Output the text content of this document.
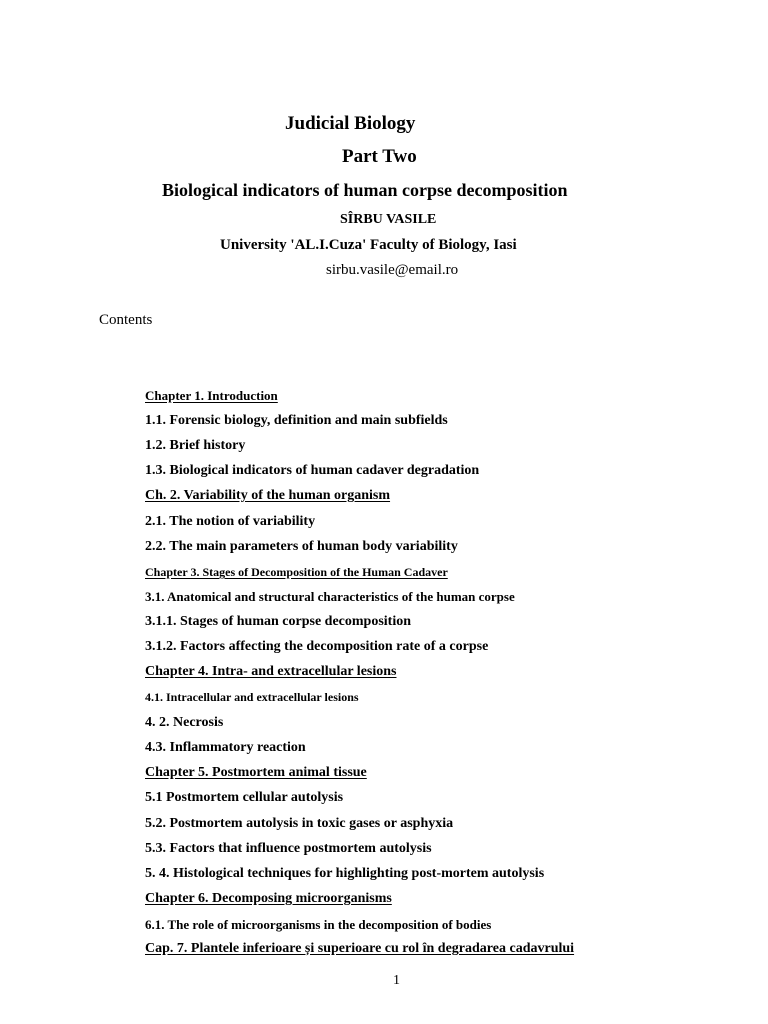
Judicial Biology
Part Two
Biological indicators of human corpse decomposition
SÎRBU VASILE
University 'AL.I.Cuza' Faculty of Biology, Iasi
sirbu.vasile@email.ro
Contents
Chapter 1. Introduction
1.1. Forensic biology, definition and main subfields
1.2. Brief history
1.3. Biological indicators of human cadaver degradation
Ch. 2. Variability of the human organism
2.1. The notion of variability
2.2. The main parameters of human body variability
Chapter 3. Stages of Decomposition of the Human Cadaver
3.1. Anatomical and structural characteristics of the human corpse
3.1.1. Stages of human corpse decomposition
3.1.2. Factors affecting the decomposition rate of a corpse
Chapter 4. Intra- and extracellular lesions
4.1. Intracellular and extracellular lesions
4. 2. Necrosis
4.3. Inflammatory reaction
Chapter 5. Postmortem animal tissue
5.1 Postmortem cellular autolysis
5.2. Postmortem autolysis in toxic gases or asphyxia
5.3. Factors that influence postmortem autolysis
5. 4. Histological techniques for highlighting post-mortem autolysis
Chapter 6. Decomposing microorganisms
6.1. The role of microorganisms in the decomposition of bodies
Cap. 7. Plantele inferioare și superioare cu rol în degradarea cadavrului
1
